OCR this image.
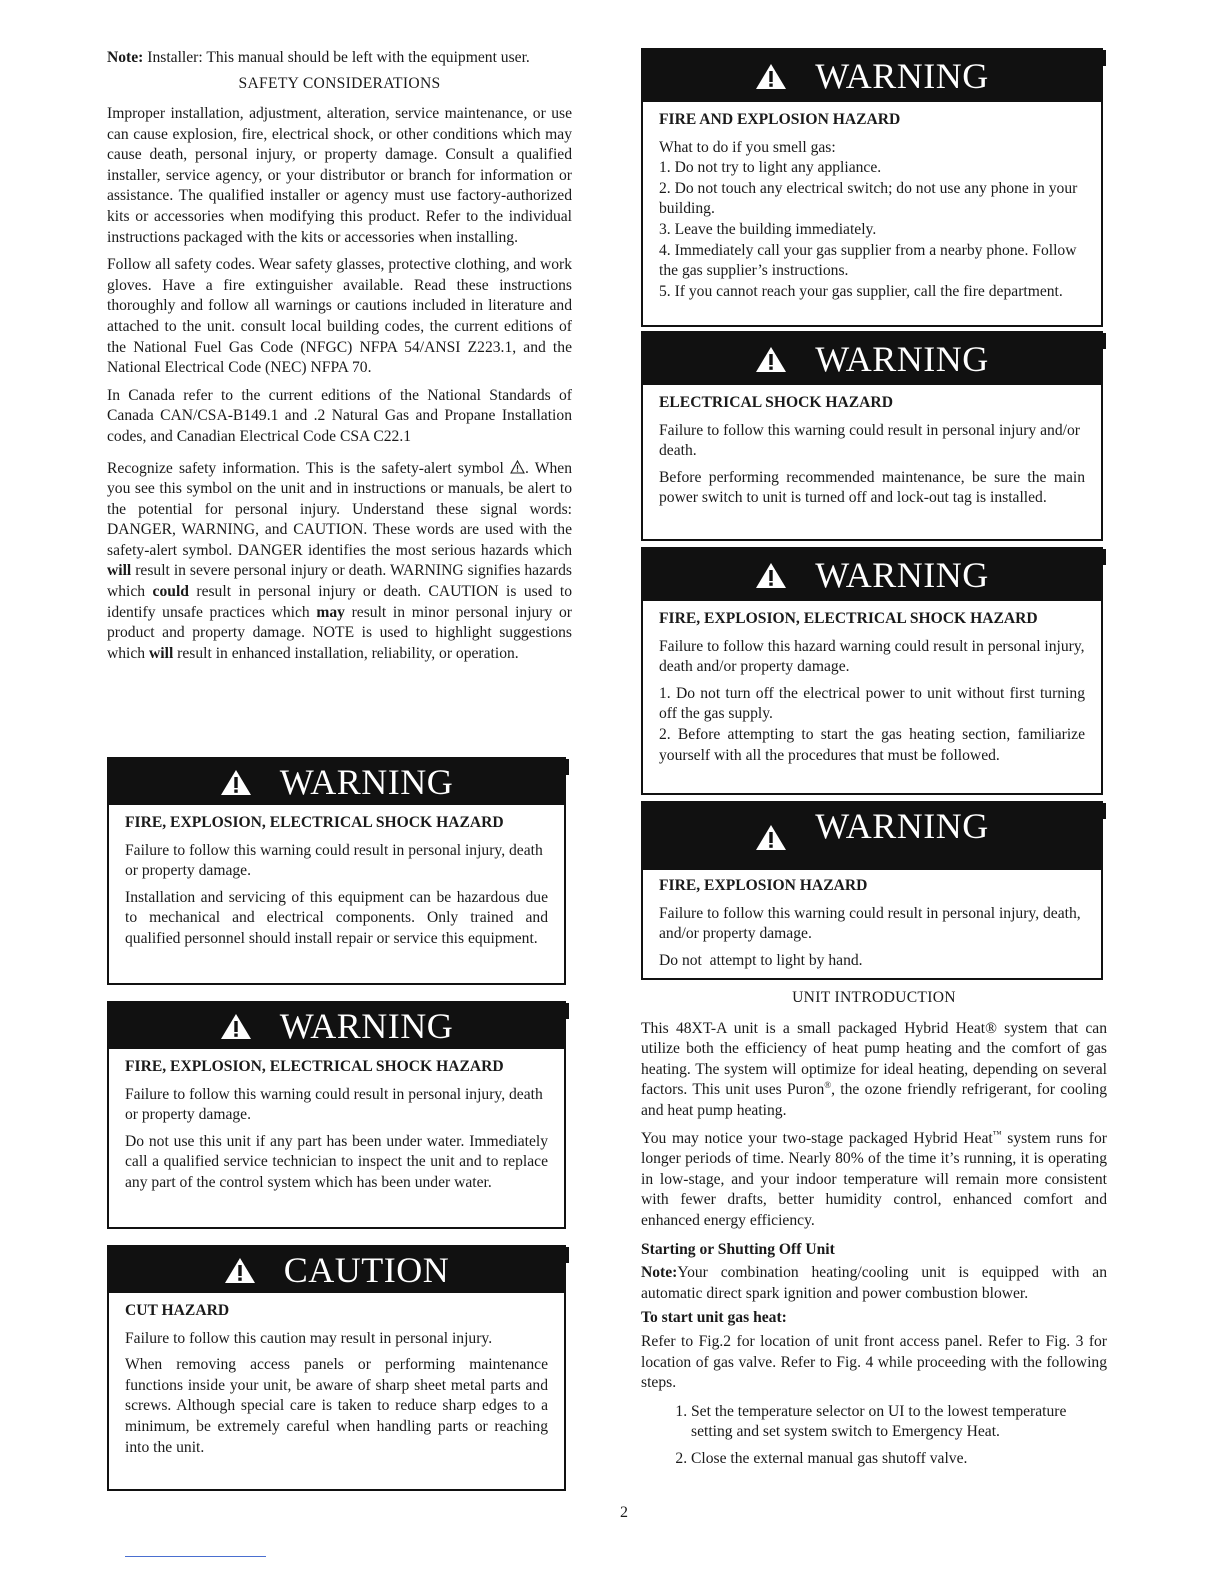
Note: Installer: This manual should be left with the equipment user.
SAFETY CONSIDERATIONS

Improper installation, adjustment, alteration, service maintenance, or use can cause explosion, fire, electrical shock, or other conditions which may cause death, personal injury, or property damage. Consult a qualified installer, service agency, or your distributor or branch for information or assistance. The qualified installer or agency must use factory-authorized kits or accessories when modifying this product. Refer to the individual instructions packaged with the kits or accessories when installing.

Follow all safety codes. Wear safety glasses, protective clothing, and work gloves. Have a fire extinguisher available. Read these instructions thoroughly and follow all warnings or cautions included in literature and attached to the unit. consult local building codes, the current editions of the National Fuel Gas Code (NFGC) NFPA 54/ANSI Z223.1, and the National Electrical Code (NEC) NFPA 70.

In Canada refer to the current editions of the National Standards of Canada CAN/CSA-B149.1 and .2 Natural Gas and Propane Installation codes, and Canadian Electrical Code CSA C22.1

Recognize safety information. This is the safety-alert symbol . When you see this symbol on the unit and in instructions or manuals, be alert to the potential for personal injury. Understand these signal words: DANGER, WARNING, and CAUTION. These words are used with the safety-alert symbol. DANGER identifies the most serious hazards which will result in severe personal injury or death. WARNING signifies hazards which could result in personal injury or death. CAUTION is used to identify unsafe practices which may result in minor personal injury or product and property damage. NOTE is used to highlight suggestions which will result in enhanced installation, reliability, or operation.

WARNING
FIRE, EXPLOSION, ELECTRICAL SHOCK HAZARD

Failure to follow this warning could result in personal injury, death or property damage.

Installation and servicing of this equipment can be hazardous due to mechanical and electrical components. Only trained and qualified personnel should install repair or service this equipment.

WARNING
FIRE, EXPLOSION, ELECTRICAL SHOCK HAZARD

Failure to follow this warning could result in personal injury, death or property damage.

Do not use this unit if any part has been under water. Immediately call a qualified service technician to inspect the unit and to replace any part of the control system which has been under water.

CAUTION
CUT HAZARD

Failure to follow this caution may result in personal injury.

When removing access panels or performing maintenance functions inside your unit, be aware of sharp sheet metal parts and screws. Although special care is taken to reduce sharp edges to a minimum, be extremely careful when handling parts or reaching into the unit.

WARNING
FIRE AND EXPLOSION HAZARD

What to do if you smell gas:

1. Do not try to light any appliance.

2. Do not touch any electrical switch; do not use any phone in your building.

3. Leave the building immediately.

4. Immediately call your gas supplier from a nearby phone. Follow the gas supplier’s instructions.

5. If you cannot reach your gas supplier, call the fire department.

WARNING
ELECTRICAL SHOCK HAZARD

Failure to follow this warning could result in personal injury and/or death.

Before performing recommended maintenance, be sure the main power switch to unit is turned off and lock-out tag is installed.

WARNING
FIRE, EXPLOSION, ELECTRICAL SHOCK HAZARD

Failure to follow this hazard warning could result in personal injury, death and/or property damage.

1. Do not turn off the electrical power to unit without first turning off the gas supply.

2. Before attempting to start the gas heating section, familiarize yourself with all the procedures that must be followed.

WARNING
FIRE, EXPLOSION HAZARD

Failure to follow this warning could result in personal injury, death, and/or property damage.

Do not  attempt to light by hand.

UNIT INTRODUCTION

This 48XT-A unit is a small packaged Hybrid Heat® system that can utilize both the efficiency of heat pump heating and the comfort of gas heating. The system will optimize for ideal heating, depending on several factors. This unit uses Puron®, the ozone friendly refrigerant, for cooling and heat pump heating.

You may notice your two-stage packaged Hybrid Heat™ system runs for longer periods of time. Nearly 80% of the time it’s running, it is operating in low-stage, and your indoor temperature will remain more consistent with fewer drafts, better humidity control, enhanced comfort and enhanced energy efficiency.

Starting or Shutting Off Unit

Note:Your combination heating/cooling unit is equipped with an automatic direct spark ignition and power combustion blower.

To start unit gas heat:

Refer to Fig.2 for location of unit front access panel. Refer to Fig. 3 for location of gas valve. Refer to Fig. 4 while proceeding with the following steps.

1. Set the temperature selector on UI to the lowest temperature setting and set system switch to Emergency Heat.
2. Close the external manual gas shutoff valve.
2
